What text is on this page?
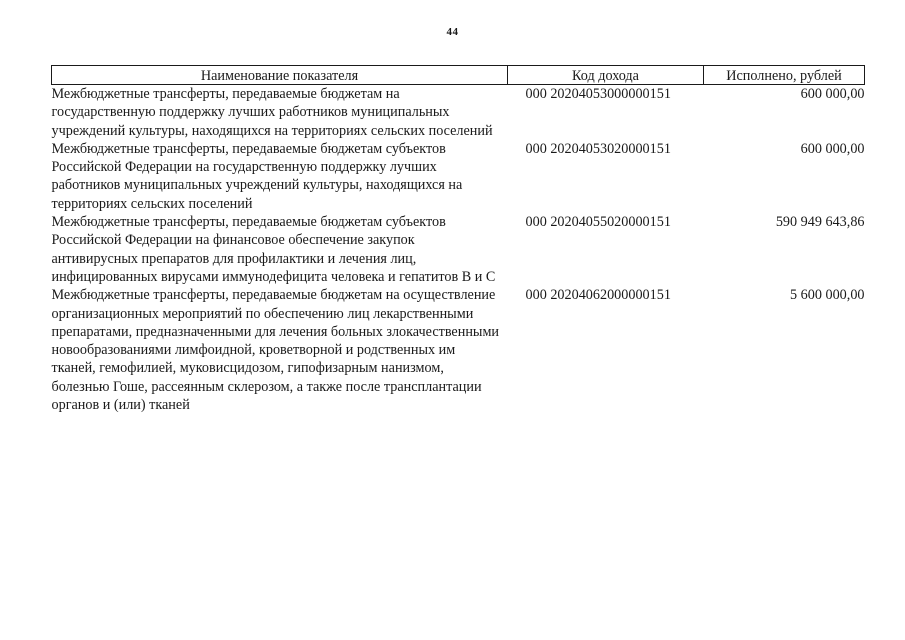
44
Наименование показателя	Код дохода	Исполнено, рублей
Межбюджетные трансферты, передаваемые бюджетам на государственную поддержку лучших работников муниципальных учреждений культуры, находящихся на территориях сельских поселений	000 20204053000000151	600 000,00
Межбюджетные трансферты, передаваемые бюджетам субъектов Российской Федерации на государственную поддержку лучших работников муниципальных учреждений культуры, находящихся на территориях сельских поселений	000 20204053020000151	600 000,00
Межбюджетные трансферты, передаваемые бюджетам субъектов Российской Федерации на финансовое обеспечение закупок антивирусных препаратов для профилактики и лечения лиц, инфицированных вирусами иммунодефицита человека и гепатитов В и С	000 20204055020000151	590 949 643,86
Межбюджетные трансферты, передаваемые бюджетам на осуществление организационных мероприятий по обеспечению лиц лекарственными препаратами, предназначенными для лечения больных злокачественными новообразованиями лимфоидной, кроветворной и родственных им тканей, гемофилией, муковисцидозом, гипофизарным нанизмом, болезнью Гоше, рассеянным склерозом, а также после трансплантации органов и (или) тканей	000 20204062000000151	5 600 000,00
